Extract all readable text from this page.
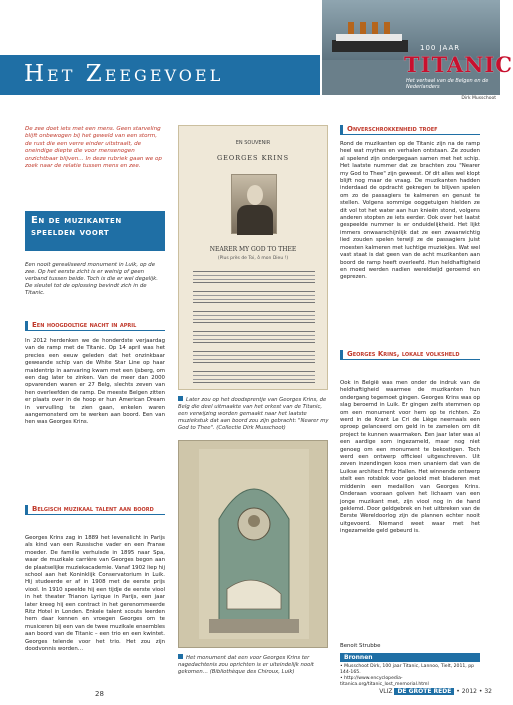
Het Zeegevoel
100 JAAR
TITANIC
Het verhaal van de Belgen en de Nederlanders
Dirk Musschoot

De zee doet iets met een mens. Geen starveling blijft onbewogen bij het geweld van een storm, de rust die een verre einder uitstraalt, de oneindige diepte die voor mensenogen onzichtbaar blijven… In deze rubriek gaan we op zoek naar de relatie tussen mens en zee.

En de muzikanten speelden voort

Een nooit gerealiseerd monument in Luik, op de zee. Op het eerste zicht is er weinig of geen verband tussen beide. Toch is die er wel degelijk. De sleutel tot de oplossing bevindt zich in de Titanic.

Een hoogdoltige nacht in april

In 2012 herdenken we de honderdste verjaardag van de ramp met de Titanic. Op 14 april was het precies een eeuw geleden dat het onzinkbaar geweande schip van de White Star Line op haar maidentrip in aanvaring kwam met een ijsberg, om een dag later te zinken. Van de meer dan 2000 opvarenden waren er 27 Belg, slechts zeven van hen overleefden de ramp. De meeste Belgen zitten er plaats over in de hoop er hun American Dream in vervulling te zien gaan, enkelen waren aangemonsterd om te werken aan boord. Een van hen was Georges Krins.

Belgisch muzikaal talent aan boord

Georges Krins zag in 1889 het levenslicht in Parijs als kind van een Russische vader en een Franse moeder. De familie verhuisde in 1895 naar Spa, waar de muzikale carrière van Georges begon aan de plaatselijke muziekacademie. Vanaf 1902 liep hij school aan het Koninklijk Conservatorium in Luik. Hij studeerde er af in 1908 met de eerste prijs viool. In 1910 speelde hij een tijdje de eerste viool in het theater Trianon Lyrique in Parijs, een jaar later kreeg hij een contract in het gerenommeerde Ritz Hotel in Londen. Enkele talent scouts leerden hem daar kennen en vroegen Georges om te musiceren bij een van de twee muzikale ensembles aan boord van de Titanic – een trio en een kwintet. Georges telende voor het trio. Het zou zijn doodvonnis worden…

EN SOUVENIR
GEORGES KRINS
NEARER MY GOD TO THEE
(Plus près de Toi, ô mon Dieu !)

Later zou op het doodsprentje van Georges Krins, de Belg die deel uitmaakte van het orkest van de Titanic, een verwijzing worden gemaakt naar het laatste muziekstuk dat aan boord zou zijn gebracht: "Nearer my God to Thee". (Collectie Dirk Musschoot)

Het monument dat een voor Georges Krins ter nagedachtenis zou oprichten is er uiteindelijk nooit gekomen… (Bibliothèque des Chiroux, Luik)

Onverschrokkenheid troef

Rond de muzikanten op de Titanic zijn na de ramp heel wat mythes en verhalen ontstaan. Ze zouden al spelend zijn ondergegaan samen met het schip. Het laatste nummer dat ze brachten zou "Nearer my God to Thee" zijn geweest. Of dit alles wel klopt blijft nog maar de vraag. De muzikanten hadden inderdaad de opdracht gekregen te blijven spelen om zo de passagiers te kalmeren en genust te stellen. Volgens sommige ooggetuigen hielden ze dit vol tot het water aan hun knieën stond, volgens anderen stopten ze iets eerder. Ook over het laatst gespeelde nummer is er onduidelijkheid. Het lijkt immers onwaarschijnlijk dat ze een zwaarwichtig lied zouden spelen terwijl ze de passagiers juist moesten kalmeren met luchtige muziekjes. Wat wel vast staat is dat geen van de acht muzikanten aan boord de ramp heeft overleefd. Hun heldhaftigheid en moed werden nadien wereldwijd geroemd en geprezen.

Georges Krins, lokale volksheld

Ook in België was men onder de indruk van de heldhaftigheid waarmee de muzikanten hun ondergang tegemoet gingen. Georges Krins was op slag beroemd in Luik. Er gingen zelfs stemmen op om een monument voor hem op te richten. Zo werd in de Krant Le Cri de Liège neernaals een oproep gelanceerd om geld in te zamelen om dit project te kunnen waarmaken. Een jaar later was al een aardige som ingezameld, maar nog niet genoeg om een monument te bekostigen. Toch werd een ontwerp officieel uitgeschreven. Uit zeven inzendingen koos men unaniem dat van de Luikse architect Fritz Hallen. Het winnende ontwerp stelt een rotsblok voor gelooid met bladeren met middenin een medaillon van Georges Krins. Onderaan vooraan golven het lichaam van een jonge muzikant met, zijn viool nog in de hand geklemd. Door geldgebrek en het uitbreken van de Eerste Wereldoorlog zijn de plannen echter nooit uitgevoerd. Niemand weet waar met het ingezamelde geld gebeurd is.

Benoit Strubbe
Bronnen
• Musschoot Dirk, 100 jaar Titanic, Lannoo, Tielt, 2011, pp 144-165.
• http://www.encyclopedia-titanica.org/titanic_lost_memorial.html
28	VLIZ DE GROTE REDE • 2012 • 32
